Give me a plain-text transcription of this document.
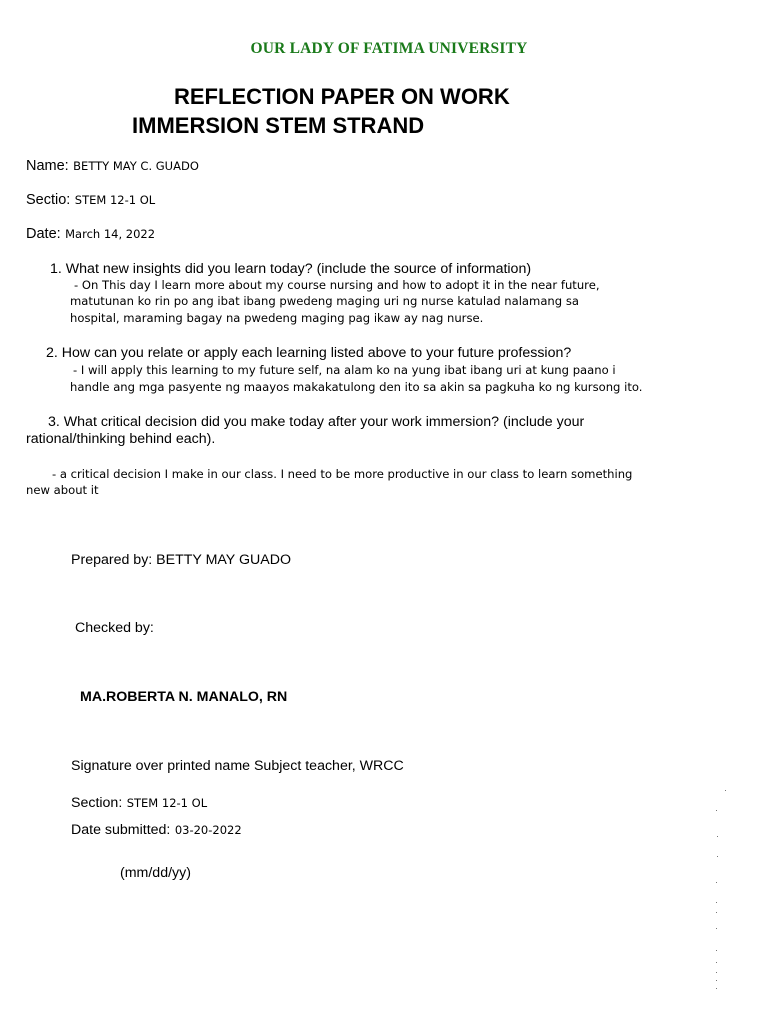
OUR LADY OF FATIMA UNIVERSITY
REFLECTION PAPER ON WORK
IMMERSION STEM STRAND
Name: BETTY MAY C. GUADO
Sectio: STEM 12-1 OL
Date: March 14, 2022
1. What new insights did you learn today? (include the source of information)
- On This day I learn more about my course nursing and how to adopt it in the near future,
matutunan ko rin po ang ibat ibang pwedeng maging uri ng nurse katulad nalamang sa
hospital, maraming bagay na pwedeng maging pag ikaw ay nag nurse.
2. How can you relate or apply each learning listed above to your future profession?
- I will apply this learning to my future self, na alam ko na yung ibat ibang uri at kung paano i
handle ang mga pasyente ng maayos makakatulong den ito sa akin sa pagkuha ko ng kursong ito.
3. What critical decision did you make today after your work immersion? (include your
rational/thinking behind each).
- a critical decision I make in our class. I need to be more productive in our class to learn something
new about it
Prepared by: BETTY MAY GUADO
Checked by:
MA.ROBERTA N. MANALO, RN
Signature over printed name Subject teacher, WRCC
Section: STEM 12-1 OL
Date submitted: 03-20-2022
(mm/dd/yy)
